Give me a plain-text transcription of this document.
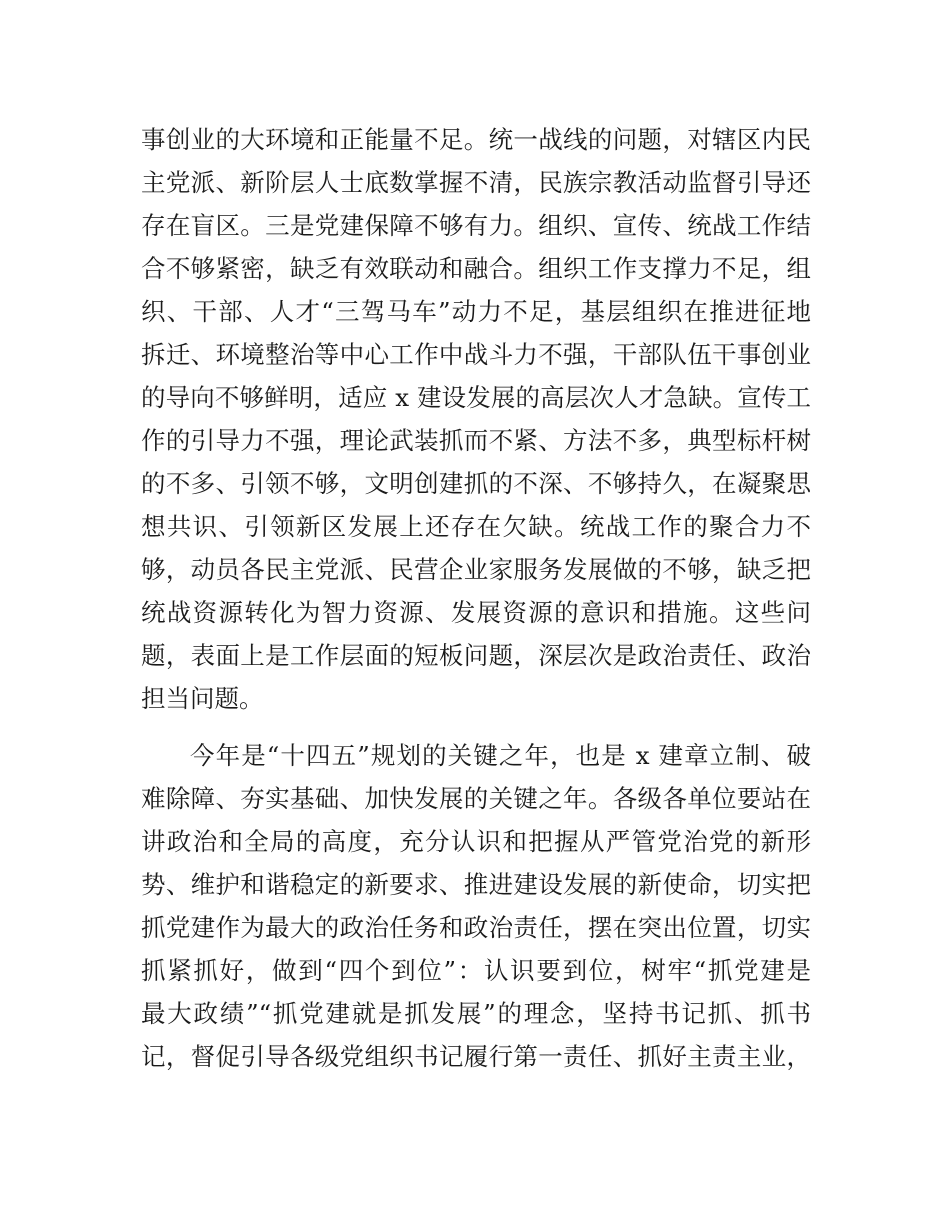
事创业的大环境和正能量不足。统一战线的问题，对辖区内民
主党派、新阶层人士底数掌握不清，民族宗教活动监督引导还
存在盲区。三是党建保障不够有力。组织、宣传、统战工作结
合不够紧密，缺乏有效联动和融合。组织工作支撑力不足，组
织、干部、人才“三驾马车”动力不足，基层组织在推进征地
拆迁、环境整治等中心工作中战斗力不强，干部队伍干事创业
的导向不够鲜明，适应 x 建设发展的高层次人才急缺。宣传工
作的引导力不强，理论武装抓而不紧、方法不多，典型标杆树
的不多、引领不够，文明创建抓的不深、不够持久，在凝聚思
想共识、引领新区发展上还存在欠缺。统战工作的聚合力不
够，动员各民主党派、民营企业家服务发展做的不够，缺乏把
统战资源转化为智力资源、发展资源的意识和措施。这些问
题，表面上是工作层面的短板问题，深层次是政治责任、政治
担当问题。
今年是“十四五”规划的关键之年，也是 x 建章立制、破
难除障、夯实基础、加快发展的关键之年。各级各单位要站在
讲政治和全局的高度，充分认识和把握从严管党治党的新形
势、维护和谐稳定的新要求、推进建设发展的新使命，切实把
抓党建作为最大的政治任务和政治责任，摆在突出位置，切实
抓紧抓好，做到“四个到位”：认识要到位，树牢“抓党建是
最大政绩”“抓党建就是抓发展”的理念，坚持书记抓、抓书
记，督促引导各级党组织书记履行第一责任、抓好主责主业，
